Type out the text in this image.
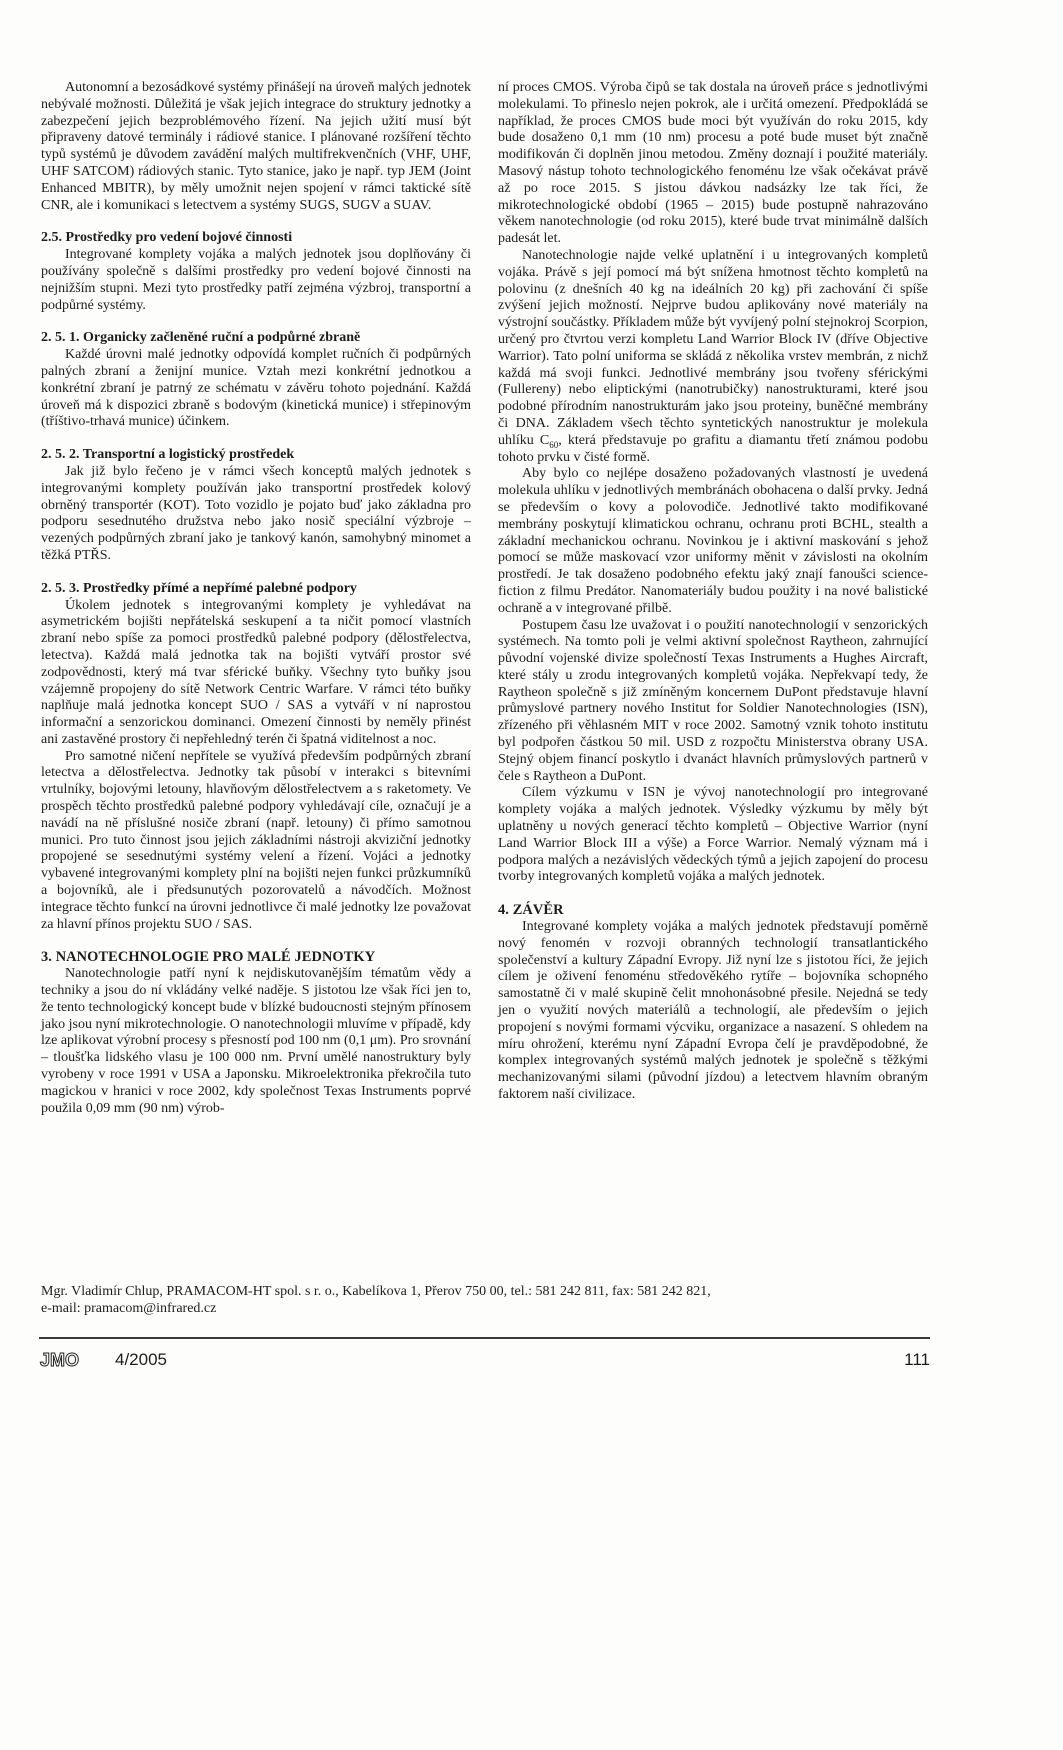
Autonomní a bezosádkové systémy přinášejí na úroveň malých jednotek nebývalé možnosti. Důležitá je však jejich integrace do struktury jednotky a zabezpečení jejich bezproblémového řízení. Na jejich užití musí být připraveny datové terminály i rádiové stanice. I plánované rozšíření těchto typů systémů je důvodem zavádění malých multifrekvenčních (VHF, UHF, UHF SATCOM) rádiových stanic. Tyto stanice, jako je např. typ JEM (Joint Enhanced MBITR), by měly umožnit nejen spojení v rámci taktické sítě CNR, ale i komunikaci s letectvem a systémy SUGS, SUGV a SUAV.

2.5. Prostředky pro vedení bojové činnosti

Integrované komplety vojáka a malých jednotek jsou doplňovány či používány společně s dalšími prostředky pro vedení bojové činnosti na nejnižším stupni. Mezi tyto prostředky patří zejména výzbroj, transportní a podpůrné systémy.

2. 5. 1. Organicky začleněné ruční a podpůrné zbraně

Každé úrovni malé jednotky odpovídá komplet ručních či podpůrných palných zbraní a ženijní munice. Vztah mezi konkrétní jednotkou a konkrétní zbraní je patrný ze schématu v závěru tohoto pojednání. Každá úroveň má k dispozici zbraně s bodovým (kinetická munice) i střepinovým (tříštivo-trhavá munice) účinkem.

2. 5. 2. Transportní a logistický prostředek

Jak již bylo řečeno je v rámci všech konceptů malých jednotek s integrovanými komplety používán jako transportní prostředek kolový obrněný transportér (KOT). Toto vozidlo je pojato buď jako základna pro podporu sesednutého družstva nebo jako nosič speciální výzbroje – vezených podpůrných zbraní jako je tankový kanón, samohybný minomet a těžká PTŘS.

2. 5. 3. Prostředky přímé a nepřímé palebné podpory

Úkolem jednotek s integrovanými komplety je vyhledávat na asymetrickém bojišti nepřátelská seskupení a ta ničit pomocí vlastních zbraní nebo spíše za pomoci prostředků palebné podpory (dělostřelectva, letectva). Každá malá jednotka tak na bojišti vytváří prostor své zodpovědnosti, který má tvar sférické buňky. Všechny tyto buňky jsou vzájemně propojeny do sítě Network Centric Warfare. V rámci této buňky naplňuje malá jednotka koncept SUO / SAS a vytváří v ní naprostou informační a senzorickou dominanci. Omezení činnosti by neměly přinést ani zastavěné prostory či nepřehledný terén či špatná viditelnost a noc.

Pro samotné ničení nepřítele se využívá především podpůrných zbraní letectva a dělostřelectva. Jednotky tak působí v interakci s bitevními vrtulníky, bojovými letouny, hlavňovým dělostřelectvem a s raketomety. Ve prospěch těchto prostředků palebné podpory vyhledávají cíle, označují je a navádí na ně příslušné nosiče zbraní (např. letouny) či přímo samotnou munici. Pro tuto činnost jsou jejich základními nástroji akviziční jednotky propojené se sesednutými systémy velení a řízení. Vojáci a jednotky vybavené integrovanými komplety plní na bojišti nejen funkci průzkumníků a bojovníků, ale i předsunutých pozorovatelů a návodčích. Možnost integrace těchto funkcí na úrovni jednotlivce či malé jednotky lze považovat za hlavní přínos projektu SUO / SAS.

3. NANOTECHNOLOGIE PRO MALÉ JEDNOTKY

Nanotechnologie patří nyní k nejdiskutovanějším tématům vědy a techniky a jsou do ní vkládány velké naděje. S jistotou lze však říci jen to, že tento technologický koncept bude v blízké budoucnosti stejným přínosem jako jsou nyní mikrotechnologie. O nanotechnologii mluvíme v případě, kdy lze aplikovat výrobní procesy s přesností pod 100 nm (0,1 μm). Pro srovnání – tloušťka lidského vlasu je 100 000 nm. První umělé nanostruktury byly vyrobeny v roce 1991 v USA a Japonsku. Mikroelektronika překročila tuto magickou v hranici v roce 2002, kdy společnost Texas Instruments poprvé použila 0,09 mm (90 nm) výrob-

ní proces CMOS. Výroba čipů se tak dostala na úroveň práce s jednotlivými molekulami. To přineslo nejen pokrok, ale i určitá omezení. Předpokládá se například, že proces CMOS bude moci být využíván do roku 2015, kdy bude dosaženo 0,1 mm (10 nm) procesu a poté bude muset být značně modifikován či doplněn jinou metodou. Změny doznají i použité materiály. Masový nástup tohoto technologického fenoménu lze však očekávat právě až po roce 2015. S jistou dávkou nadsázky lze tak říci, že mikrotechnologické období (1965 – 2015) bude postupně nahrazováno věkem nanotechnologie (od roku 2015), které bude trvat minimálně dalších padesát let.

Nanotechnologie najde velké uplatnění i u integrovaných kompletů vojáka. Právě s její pomocí má být snížena hmotnost těchto kompletů na polovinu (z dnešních 40 kg na ideálních 20 kg) při zachování či spíše zvýšení jejich možností. Nejprve budou aplikovány nové materiály na výstrojní součástky. Příkladem může být vyvíjený polní stejnokroj Scorpion, určený pro čtvrtou verzi kompletu Land Warrior Block IV (dříve Objective Warrior). Tato polní uniforma se skládá z několika vrstev membrán, z nichž každá má svoji funkci. Jednotlivé membrány jsou tvořeny sférickými (Fullereny) nebo eliptickými (nanotrubičky) nanostrukturami, které jsou podobné přírodním nanostrukturám jako jsou proteiny, buněčné membrány či DNA. Základem všech těchto syntetických nanostruktur je molekula uhlíku $C_{60}$, která představuje po grafitu a diamantu třetí známou podobu tohoto prvku v čisté formě.

Aby bylo co nejlépe dosaženo požadovaných vlastností je uvedená molekula uhlíku v jednotlivých membránách obohacena o další prvky. Jedná se především o kovy a polovodiče. Jednotlivé takto modifikované membrány poskytují klimatickou ochranu, ochranu proti BCHL, stealth a základní mechanickou ochranu. Novinkou je i aktivní maskování s jehož pomocí se může maskovací vzor uniformy měnit v závislosti na okolním prostředí. Je tak dosaženo podobného efektu jaký znají fanoušci science-fiction z filmu Predátor. Nanomateriály budou použity i na nové balistické ochraně a v integrované přilbě.

Postupem času lze uvažovat i o použití nanotechnologií v senzorických systémech. Na tomto poli je velmi aktivní společnost Raytheon, zahrnující původní vojenské divize společností Texas Instruments a Hughes Aircraft, které stály u zrodu integrovaných kompletů vojáka. Nepřekvapí tedy, že Raytheon společně s již zmíněným koncernem DuPont představuje hlavní průmyslové partnery nového Institut for Soldier Nanotechnologies (ISN), zřízeného při věhlasném MIT v roce 2002. Samotný vznik tohoto institutu byl podpořen částkou 50 mil. USD z rozpočtu Ministerstva obrany USA. Stejný objem financí poskytlo i dvanáct hlavních průmyslových partnerů v čele s Raytheon a DuPont.

Cílem výzkumu v ISN je vývoj nanotechnologií pro integrované komplety vojáka a malých jednotek. Výsledky výzkumu by měly být uplatněny u nových generací těchto kompletů – Objective Warrior (nyní Land Warrior Block III a výše) a Force Warrior. Nemalý význam má i podpora malých a nezávislých vědeckých týmů a jejich zapojení do procesu tvorby integrovaných kompletů vojáka a malých jednotek.

4. ZÁVĚR

Integrované komplety vojáka a malých jednotek představují poměrně nový fenomén v rozvoji obranných technologií transatlantického společenství a kultury Západní Evropy. Již nyní lze s jistotou říci, že jejich cílem je oživení fenoménu středověkého rytíře – bojovníka schopného samostatně či v malé skupině čelit mnohonásobné přesile. Nejedná se tedy jen o využití nových materiálů a technologií, ale především o jejich propojení s novými formami výcviku, organizace a nasazení. S ohledem na míru ohrožení, kterému nyní Západní Evropa čelí je pravděpodobné, že komplex integrovaných systémů malých jednotek je společně s těžkými mechanizovanými silami (původní jízdou) a letectvem hlavním obraným faktorem naší civilizace.

Mgr. Vladimír Chlup, PRAMACOM-HT spol. s r. o., Kabelíkova 1, Přerov 750 00, tel.: 581 242 811, fax: 581 242 821,

e-mail: pramacom@infrared.cz

JMO 4/2005	111
